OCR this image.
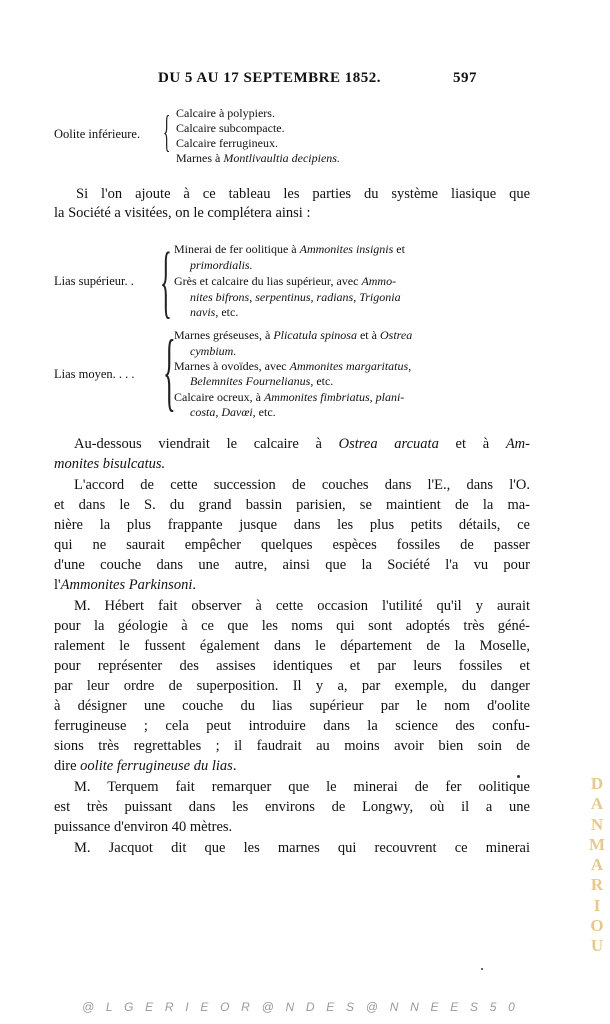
DU 5 AU 17 SEPTEMBRE 1852.	597
Oolite inférieure. { Calcaire à polypiers.
Calcaire subcompacte.
Calcaire ferrugineux.
Marnes à Montlivaultia decipiens.
Si l'on ajoute à ce tableau les parties du système liasique que
la Société a visitées, on le complétera ainsi :
Lias supérieur. . { Minerai de fer oolitique à Ammonites insignis et
primordialis.
Grès et calcaire du lias supérieur, avec Ammo-
nites bifrons, serpentinus, radians, Trigonia
navis, etc.
Lias moyen. . . . {
Marnes gréseuses, à Plicatula spinosa et à Ostrea
cymbium.
Marnes à ovoïdes, avec Ammonites margaritatus,
Belemnites Fournelianus, etc.
Calcaire ocreux, à Ammonites fimbriatus, plani-
costa, Davœi, etc.
Au-dessous viendrait le calcaire à Ostrea arcuata et à Am-
monites bisulcatus.
L'accord de cette succession de couches dans l'E., dans l'O.
et dans le S. du grand bassin parisien, se maintient de la ma-
nière la plus frappante jusque dans les plus petits détails, ce
qui ne saurait empêcher quelques espèces fossiles de passer
d'une couche dans une autre, ainsi que la Société l'a vu pour
l'Ammonites Parkinsoni.
M. Hébert fait observer à cette occasion l'utilité qu'il y aurait
pour la géologie à ce que les noms qui sont adoptés très géné-
ralement le fussent également dans le département de la Moselle,
pour représenter des assises identiques et par leurs fossiles et
par leur ordre de superposition. Il y a, par exemple, du danger
à désigner une couche du lias supérieur par le nom d'oolite
ferrugineuse ; cela peut introduire dans la science des confu-
sions très regrettables ; il faudrait au moins avoir bien soin de
dire oolite ferrugineuse du lias.
M. Terquem fait remarquer que le minerai de fer oolitique
est très puissant dans les environs de Longwy, où il a une
puissance d'environ 40 mètres.
M. Jacquot dit que les marnes qui recouvrent ce minerai
D
A
N
M
A
R
I
O
U
@ L G E R I E O R @ N D E S @ N N E E S 5 0
